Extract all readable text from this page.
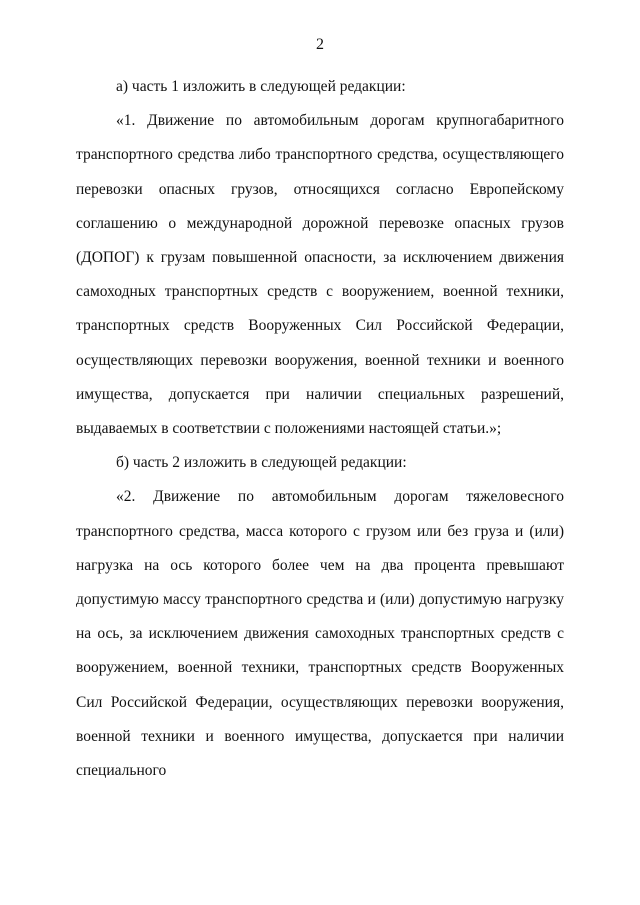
2

а) часть 1 изложить в следующей редакции:

«1. Движение по автомобильным дорогам крупногабаритного транспортного средства либо транспортного средства, осуществляющего перевозки опасных грузов, относящихся согласно Европейскому соглашению о международной дорожной перевозке опасных грузов (ДОПОГ) к грузам повышенной опасности, за исключением движения самоходных транспортных средств с вооружением, военной техники, транспортных средств Вооруженных Сил Российской Федерации, осуществляющих перевозки вооружения, военной техники и военного имущества, допускается при наличии специальных разрешений, выдаваемых в соответствии с положениями настоящей статьи.»;

б) часть 2 изложить в следующей редакции:

«2. Движение по автомобильным дорогам тяжеловесного транспортного средства, масса которого с грузом или без груза и (или) нагрузка на ось которого более чем на два процента превышают допустимую массу транспортного средства и (или) допустимую нагрузку на ось, за исключением движения самоходных транспортных средств с вооружением, военной техники, транспортных средств Вооруженных Сил Российской Федерации, осуществляющих перевозки вооружения, военной техники и военного имущества, допускается при наличии специального
